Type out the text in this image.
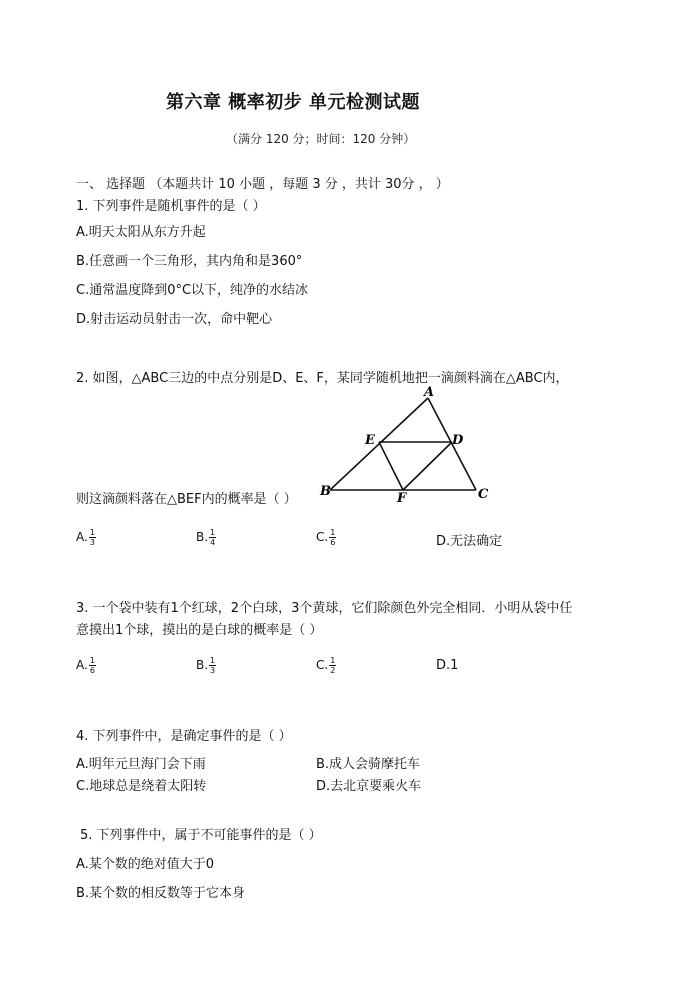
第六章 概率初步 单元检测试题
（满分 120 分；时间：120 分钟）
一、 选择题 （本题共计 10 小题 ，每题 3 分 ，共计 30分 ， ）
1. 下列事件是随机事件的是（ ）
A.明天太阳从东方升起
B.任意画一个三角形，其内角和是360°
C.通常温度降到0°C以下，纯净的水结冰
D.射击运动员射击一次，命中靶心
2. 如图，△ABC三边的中点分别是D、E、F，某同学随机地把一滴颜料滴在△ABC内，
A
B	C
D
E
F
则这滴颜料落在△BEF内的概率是（ ）
A. $\frac{1}{3}$	B. $\frac{1}{4}$	C. $\frac{1}{6}$	D.无法确定
3. 一个袋中装有1个红球，2个白球，3个黄球，它们除颜色外完全相同．小明从袋中任
意摸出1个球，摸出的是白球的概率是（ ）
A. $\frac{1}{6}$	B. $\frac{1}{3}$	C. $\frac{1}{2}$	D.1
4. 下列事件中，是确定事件的是（ ）
A.明年元旦海门会下雨	B.成人会骑摩托车
C.地球总是绕着太阳转	D.去北京要乘火车
5. 下列事件中，属于不可能事件的是（ ）
A.某个数的绝对值大于0
B.某个数的相反数等于它本身
